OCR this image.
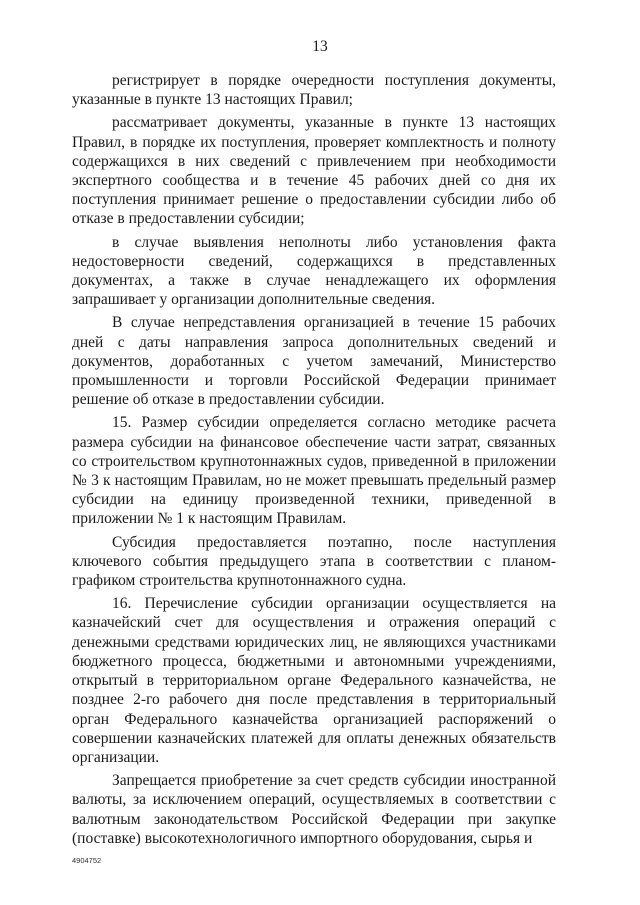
13

регистрирует в порядке очередности поступления документы, указанные в пункте 13 настоящих Правил;

рассматривает документы, указанные в пункте 13 настоящих Правил, в порядке их поступления, проверяет комплектность и полноту содержащихся в них сведений с привлечением при необходимости экспертного сообщества и в течение 45 рабочих дней со дня их поступления принимает решение о предоставлении субсидии либо об отказе в предоставлении субсидии;

в случае выявления неполноты либо установления факта недостоверности сведений, содержащихся в представленных документах, а также в случае ненадлежащего их оформления запрашивает у организации дополнительные сведения.

В случае непредставления организацией в течение 15 рабочих дней с даты направления запроса дополнительных сведений и документов, доработанных с учетом замечаний, Министерство промышленности и торговли Российской Федерации принимает решение об отказе в предоставлении субсидии.

15. Размер субсидии определяется согласно методике расчета размера субсидии на финансовое обеспечение части затрат, связанных со строительством крупнотоннажных судов, приведенной в приложении № 3 к настоящим Правилам, но не может превышать предельный размер субсидии на единицу произведенной техники, приведенной в приложении № 1 к настоящим Правилам.

Субсидия предоставляется поэтапно, после наступления ключевого события предыдущего этапа в соответствии с планом-графиком строительства крупнотоннажного судна.

16. Перечисление субсидии организации осуществляется на казначейский счет для осуществления и отражения операций с денежными средствами юридических лиц, не являющихся участниками бюджетного процесса, бюджетными и автономными учреждениями, открытый в территориальном органе Федерального казначейства, не позднее 2-го рабочего дня после представления в территориальный орган Федерального казначейства организацией распоряжений о совершении казначейских платежей для оплаты денежных обязательств организации.

Запрещается приобретение за счет средств субсидии иностранной валюты, за исключением операций, осуществляемых в соответствии с валютным законодательством Российской Федерации при закупке (поставке) высокотехнологичного импортного оборудования, сырья и

4904752
